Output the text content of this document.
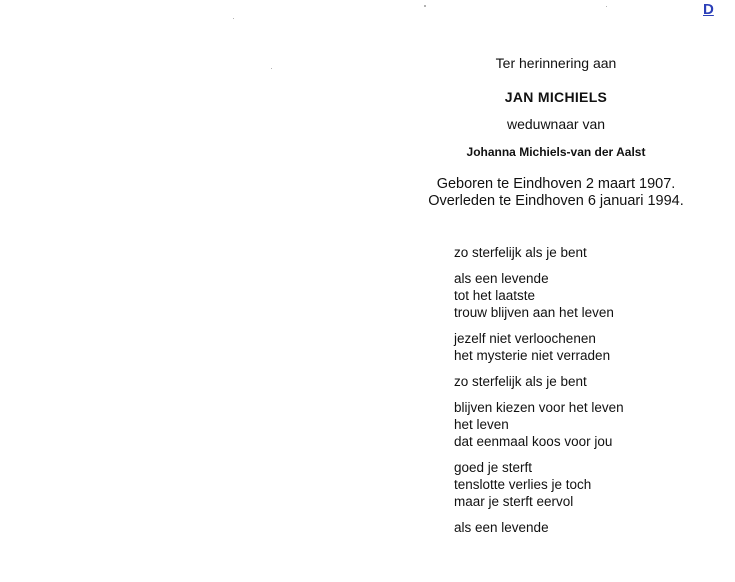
D
Ter herinnering aan
JAN MICHIELS
weduwnaar van
Johanna Michiels-van der Aalst
Geboren te Eindhoven 2 maart 1907.
Overleden te Eindhoven 6 januari 1994.
zo sterfelijk als je bent
als een levende
tot het laatste
trouw blijven aan het leven
jezelf niet verloochenen
het mysterie niet verraden
zo sterfelijk als je bent
blijven kiezen voor het leven
het leven
dat eenmaal koos voor jou
goed je sterft
tenslotte verlies je toch
maar je sterft eervol
als een levende
